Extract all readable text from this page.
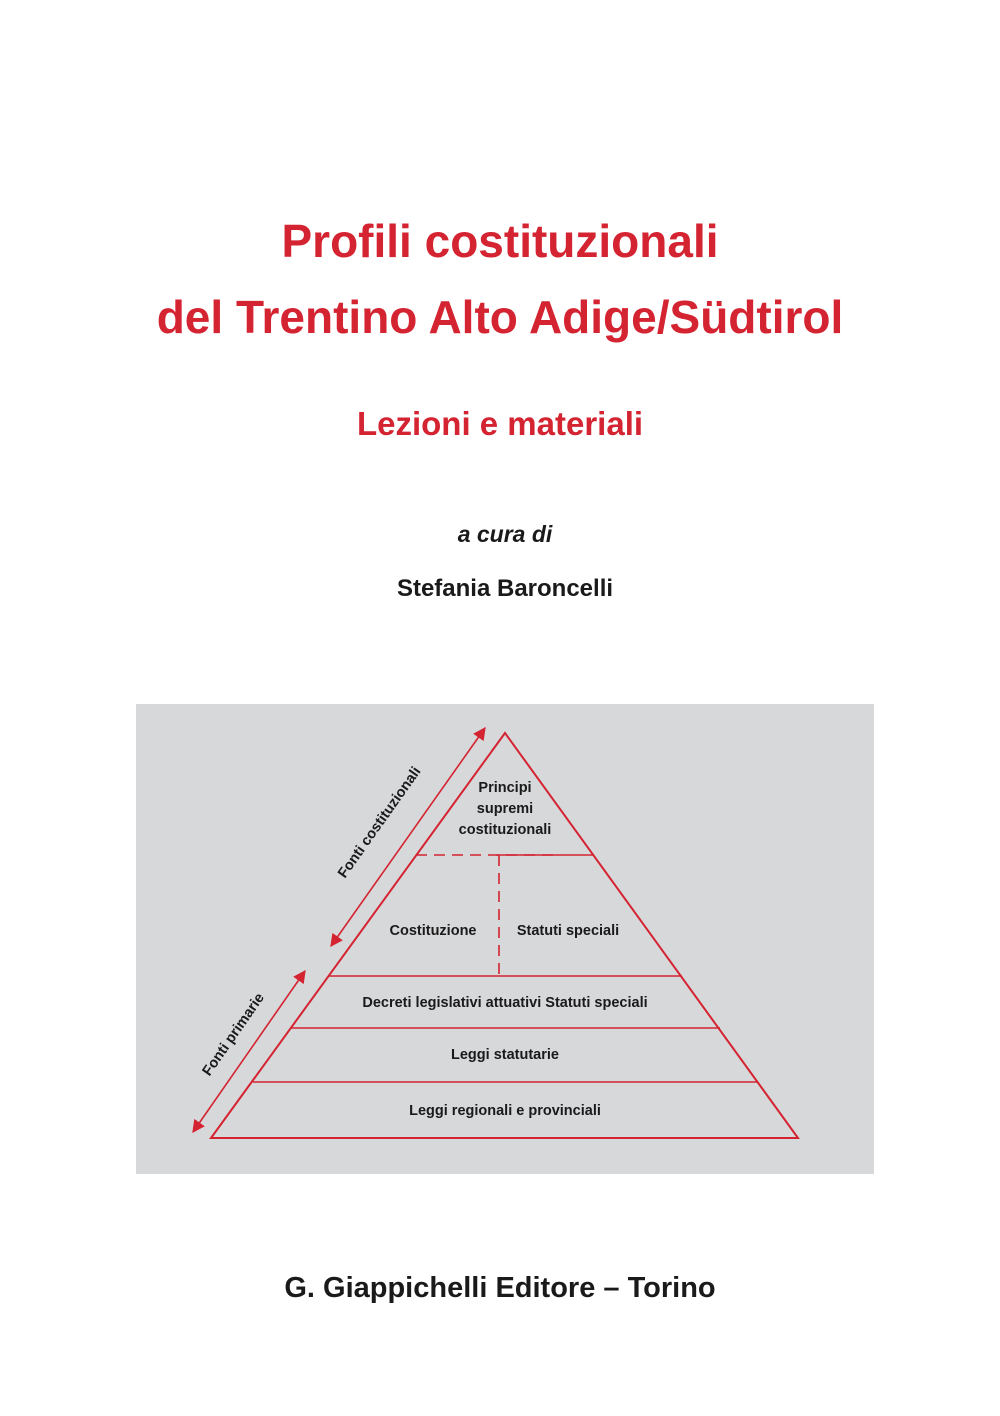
Profili costituzionali
del Trentino Alto Adige/Südtirol
Lezioni e materiali
a cura di
Stefania Baroncelli
Principi
supremi
costituzionali
Costituzione	Statuti speciali
Decreti legislativi attuativi Statuti speciali
Leggi statutarie
Leggi regionali e provinciali
Fonti costituzionali
Fonti primarie
G. Giappichelli Editore – Torino
